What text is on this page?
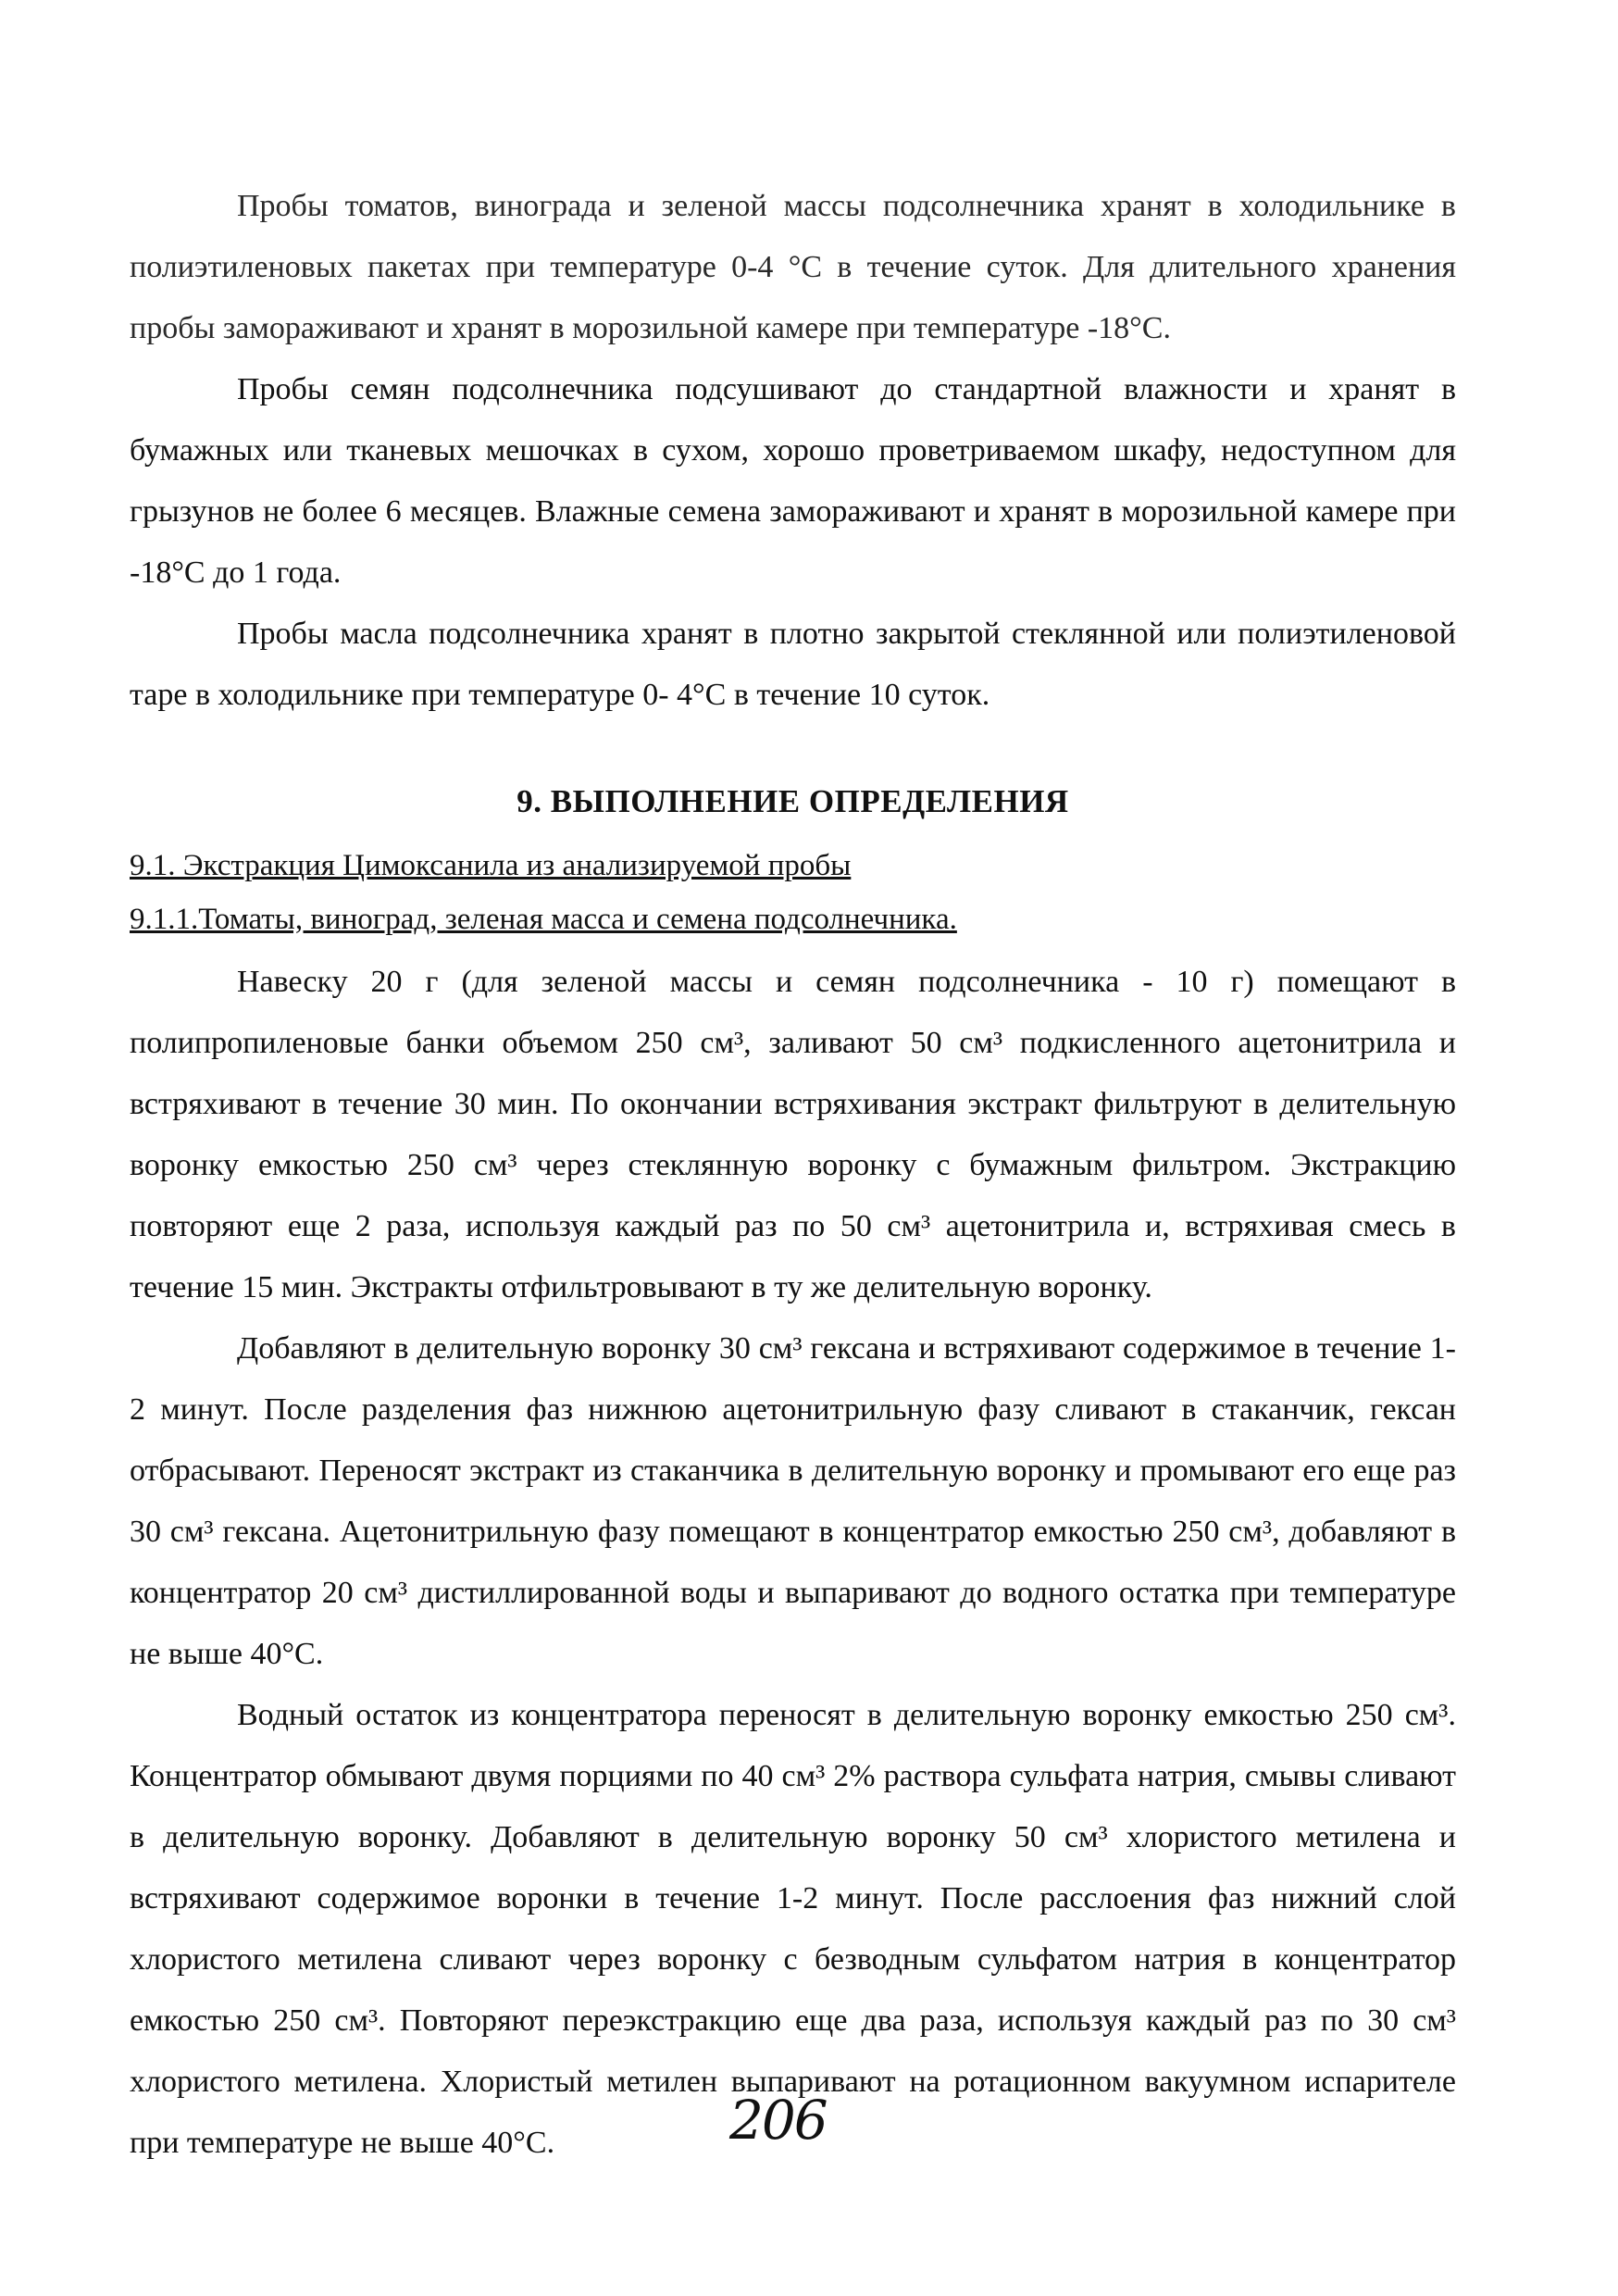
Пробы томатов, винограда и зеленой массы подсолнечника хранят в холодильнике в полиэтиленовых пакетах при температуре 0-4 °С в течение суток. Для длительного хранения пробы замораживают и хранят в морозильной камере при температуре -18°С.

Пробы семян подсолнечника подсушивают до стандартной влажности и хранят в бумажных или тканевых мешочках в сухом, хорошо проветриваемом шкафу, недоступном для грызунов не более 6 месяцев. Влажные семена замораживают и хранят в морозильной камере при -18°С до 1 года.

Пробы масла подсолнечника хранят в плотно закрытой стеклянной или полиэтиленовой таре в холодильнике при температуре 0- 4°С в течение 10 суток.

9. ВЫПОЛНЕНИЕ ОПРЕДЕЛЕНИЯ

9.1. Экстракция Цимоксанила из анализируемой пробы

9.1.1.Томаты, виноград, зеленая масса и семена подсолнечника.

Навеску 20 г (для зеленой массы и семян подсолнечника - 10 г) помещают в полипропиленовые банки объемом 250 см³, заливают 50 см³ подкисленного ацетонитрила и встряхивают в течение 30 мин. По окончании встряхивания экстракт фильтруют в делительную воронку емкостью 250 см³ через стеклянную воронку с бумажным фильтром. Экстракцию повторяют еще 2 раза, используя каждый раз по 50 см³ ацетонитрила и, встряхивая смесь в течение 15 мин. Экстракты отфильтровывают в ту же делительную воронку.

Добавляют в делительную воронку 30 см³ гексана и встряхивают содержимое в течение 1-2 минут. После разделения фаз нижнюю ацетонитрильную фазу сливают в стаканчик, гексан отбрасывают. Переносят экстракт из стаканчика в делительную воронку и промывают его еще раз 30 см³ гексана. Ацетонитрильную фазу помещают в концентратор емкостью 250 см³, добавляют в концентратор 20 см³ дистиллированной воды и выпаривают до водного остатка при температуре не выше 40°С.

Водный остаток из концентратора переносят в делительную воронку емкостью 250 см³. Концентратор обмывают двумя порциями по 40 см³ 2% раствора сульфата натрия, смывы сливают в делительную воронку. Добавляют в делительную воронку 50 см³ хлористого метилена и встряхивают содержимое воронки в течение 1-2 минут. После расслоения фаз нижний слой хлористого метилена сливают через воронку с безводным сульфатом натрия в концентратор емкостью 250 см³. Повторяют переэкстракцию еще два раза, используя каждый раз по 30 см³ хлористого метилена. Хлористый метилен выпаривают на ротационном вакуумном испарителе при температуре не выше 40°С.	206
